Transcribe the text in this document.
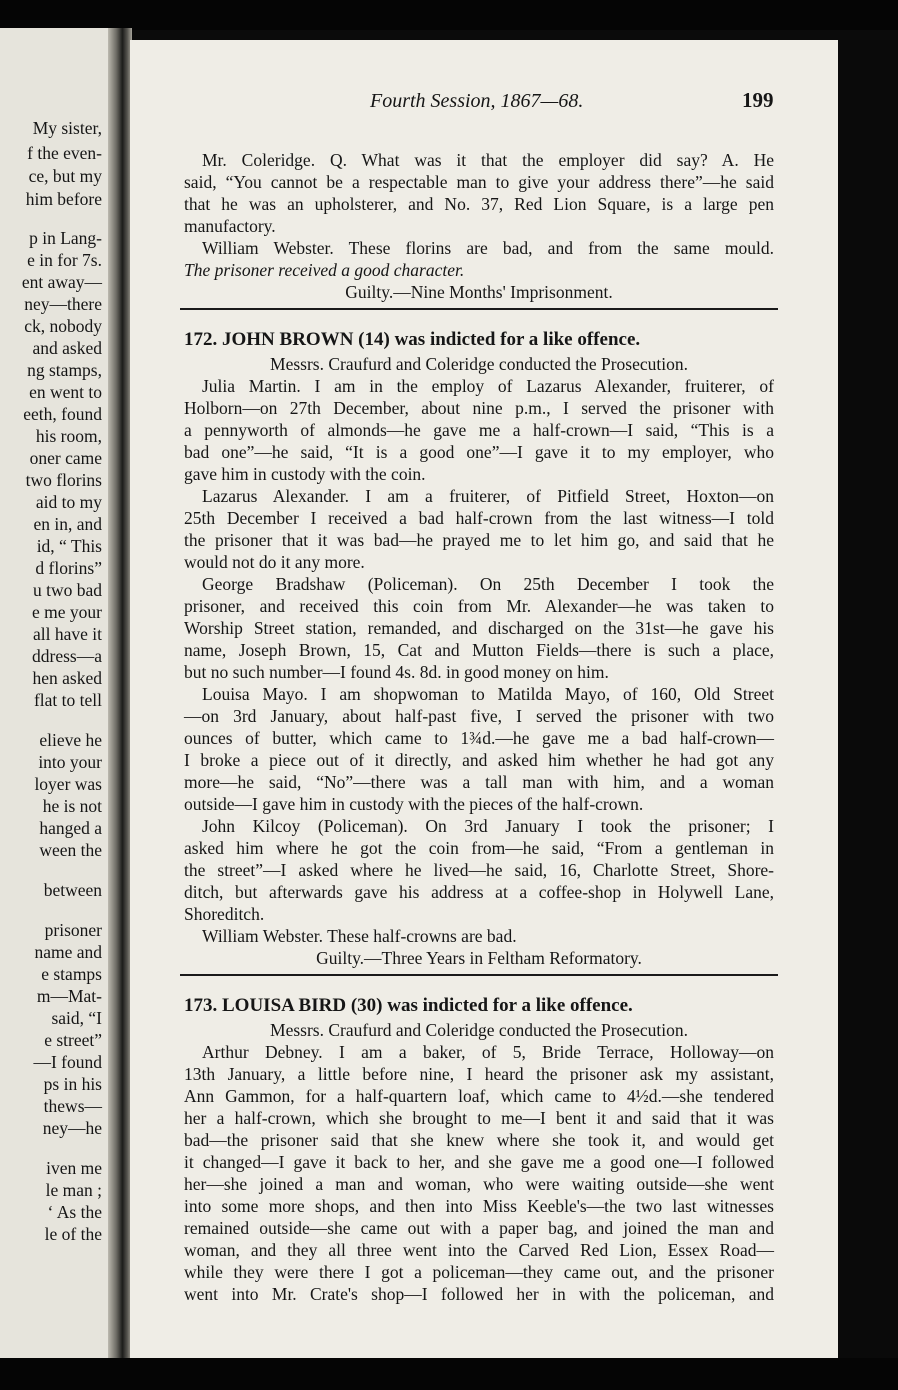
My sister,
f the even-
ce, but my
him before
p in Lang-
e in for 7s.
ent away—
ney—there
ck, nobody
and asked
ng stamps,
en went to
eeth, found
his room,
oner came
two florins
aid to my
en in, and
id, “ This
d florins”
u two bad
e me your
all have it
ddress—a
hen asked
flat to tell
elieve he
into your
loyer was
he is not
hanged a
ween the
between
prisoner
name and
e stamps
m—Mat-
said, “I
e street”
—I found
ps in his
thews—
ney—he
iven me
le man ;
‘ As the
le of the
Fourth Session, 1867—68.	199
Mr. Coleridge. Q. What was it that the employer did say? A. He
said, “You cannot be a respectable man to give your address there”—he said
that he was an upholsterer, and No. 37, Red Lion Square, is a large pen
manufactory.
William Webster. These florins are bad, and from the same mould.
The prisoner received a good character.
Guilty.—Nine Months' Imprisonment.
172. JOHN BROWN (14) was indicted for a like offence.
Messrs. Craufurd and Coleridge conducted the Prosecution.
Julia Martin. I am in the employ of Lazarus Alexander, fruiterer, of
Holborn—on 27th December, about nine p.m., I served the prisoner with
a pennyworth of almonds—he gave me a half-crown—I said, “This is a
bad one”—he said, “It is a good one”—I gave it to my employer, who
gave him in custody with the coin.
Lazarus Alexander. I am a fruiterer, of Pitfield Street, Hoxton—on
25th December I received a bad half-crown from the last witness—I told
the prisoner that it was bad—he prayed me to let him go, and said that he
would not do it any more.
George Bradshaw (Policeman). On 25th December I took the
prisoner, and received this coin from Mr. Alexander—he was taken to
Worship Street station, remanded, and discharged on the 31st—he gave his
name, Joseph Brown, 15, Cat and Mutton Fields—there is such a place,
but no such number—I found 4s. 8d. in good money on him.
Louisa Mayo. I am shopwoman to Matilda Mayo, of 160, Old Street
—on 3rd January, about half-past five, I served the prisoner with two
ounces of butter, which came to 1¾d.—he gave me a bad half-crown—
I broke a piece out of it directly, and asked him whether he had got any
more—he said, “No”—there was a tall man with him, and a woman
outside—I gave him in custody with the pieces of the half-crown.
John Kilcoy (Policeman). On 3rd January I took the prisoner; I
asked him where he got the coin from—he said, “From a gentleman in
the street”—I asked where he lived—he said, 16, Charlotte Street, Shore-
ditch, but afterwards gave his address at a coffee-shop in Holywell Lane,
Shoreditch.
William Webster. These half-crowns are bad.
Guilty.—Three Years in Feltham Reformatory.
173. LOUISA BIRD (30) was indicted for a like offence.
Messrs. Craufurd and Coleridge conducted the Prosecution.
Arthur Debney. I am a baker, of 5, Bride Terrace, Holloway—on
13th January, a little before nine, I heard the prisoner ask my assistant,
Ann Gammon, for a half-quartern loaf, which came to 4½d.—she tendered
her a half-crown, which she brought to me—I bent it and said that it was
bad—the prisoner said that she knew where she took it, and would get
it changed—I gave it back to her, and she gave me a good one—I followed
her—she joined a man and woman, who were waiting outside—she went
into some more shops, and then into Miss Keeble's—the two last witnesses
remained outside—she came out with a paper bag, and joined the man and
woman, and they all three went into the Carved Red Lion, Essex Road—
while they were there I got a policeman—they came out, and the prisoner
went into Mr. Crate's shop—I followed her in with the policeman, and
